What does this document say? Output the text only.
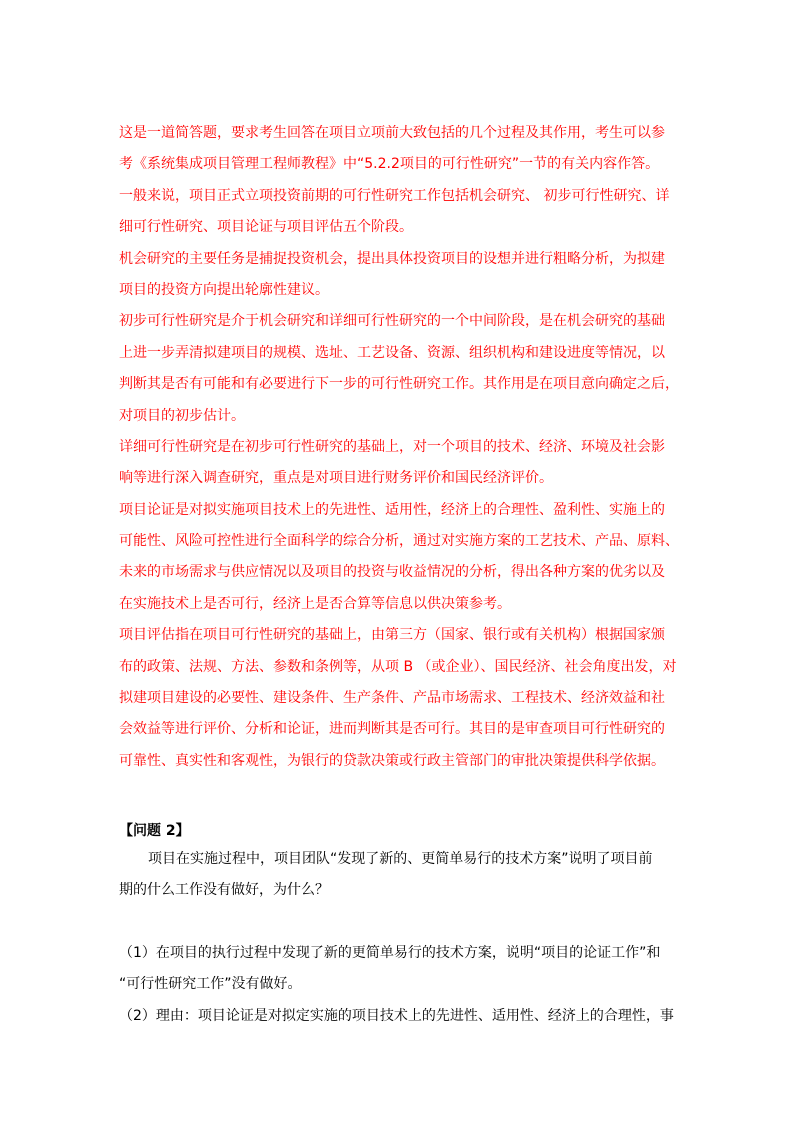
这是一道简答题，要求考生回答在项目立项前大致包括的几个过程及其作用，考生可以参

考《系统集成项目管理工程师教程》中“5.2.2项目的可行性研究”一节的有关内容作答。

一般来说，项目正式立项投资前期的可行性研究工作包括机会研究、 初步可行性研究、详

细可行性研究、项目论证与项目评估五个阶段。

机会研究的主要任务是捕捉投资机会，提出具体投资项目的设想并进行粗略分析，为拟建

项目的投资方向提出轮廓性建议。

初步可行性研究是介于机会研究和详细可行性研究的一个中间阶段，是在机会研究的基础

上进一步弄清拟建项目的规模、选址、工艺设备、资源、组织机构和建设进度等情况，以

判断其是否有可能和有必要进行下一步的可行性研究工作。其作用是在项目意向确定之后，

对项目的初步估计。

详细可行性研究是在初步可行性研究的基础上，对一个项目的技术、经济、环境及社会影

响等进行深入调查研究，重点是对项目进行财务评价和国民经济评价。

项目论证是对拟实施项目技术上的先进性、适用性，经济上的合理性、盈利性、实施上的

可能性、风险可控性进行全面科学的综合分析，通过对实施方案的工艺技术、产品、原料、

未来的市场需求与供应情况以及项目的投资与收益情况的分析，得出各种方案的优劣以及

在实施技术上是否可行，经济上是否合算等信息以供决策参考。

项目评估指在项目可行性研究的基础上，由第三方（国家、银行或有关机构）根据国家颁

布的政策、法规、方法、参数和条例等，从项 B （或企业）、国民经济、社会角度出发，对

拟建项目建设的必要性、建设条件、生产条件、产品市场需求、工程技术、经济效益和社

会效益等进行评价、分析和论证，进而判断其是否可行。其目的是审查项目可行性研究的

可靠性、真实性和客观性，为银行的贷款决策或行政主管部门的审批决策提供科学依据。

【问题 2】

项目在实施过程中，项目团队“发现了新的、更简单易行的技术方案”说明了项目前

期的什么工作没有做好，为什么？

（1）在项目的执行过程中发现了新的更简单易行的技术方案，说明“项目的论证工作”和

“可行性研究工作”没有做好。

（2）理由：项目论证是对拟定实施的项目技术上的先进性、适用性、经济上的合理性，事
